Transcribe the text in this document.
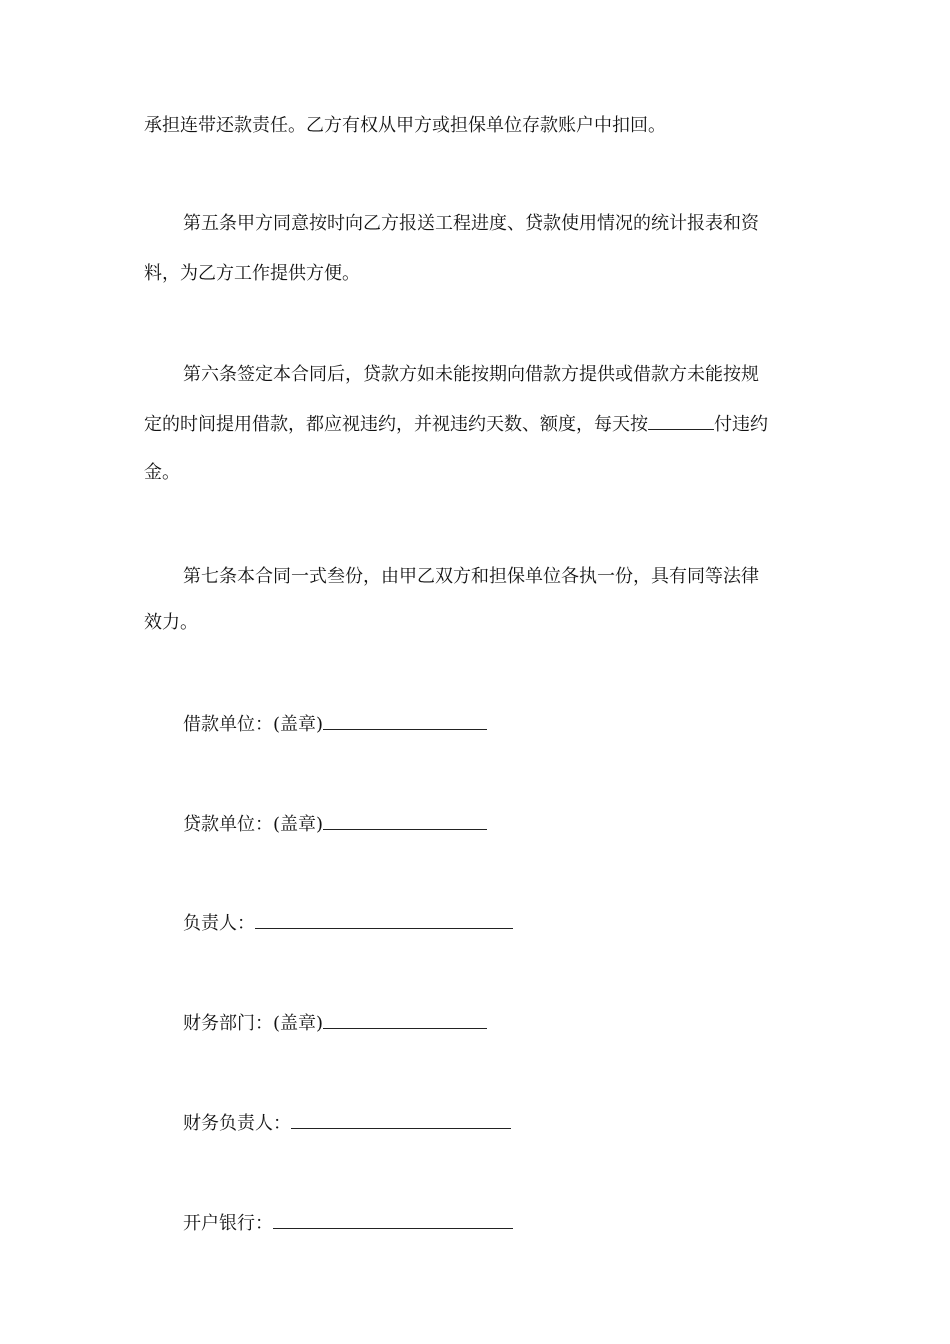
承担连带还款责任。乙方有权从甲方或担保单位存款账户中扣回。
第五条甲方同意按时向乙方报送工程进度、贷款使用情况的统计报表和资
料，为乙方工作提供方便。
第六条签定本合同后，贷款方如未能按期向借款方提供或借款方未能按规
定的时间提用借款，都应视违约，并视违约天数、额度，每天按	付违约
金。
第七条本合同一式叁份，由甲乙双方和担保单位各执一份，具有同等法律
效力。
借款单位：(盖章)
贷款单位：(盖章)
负责人：
财务部门：(盖章)
财务负责人：
开户银行：
